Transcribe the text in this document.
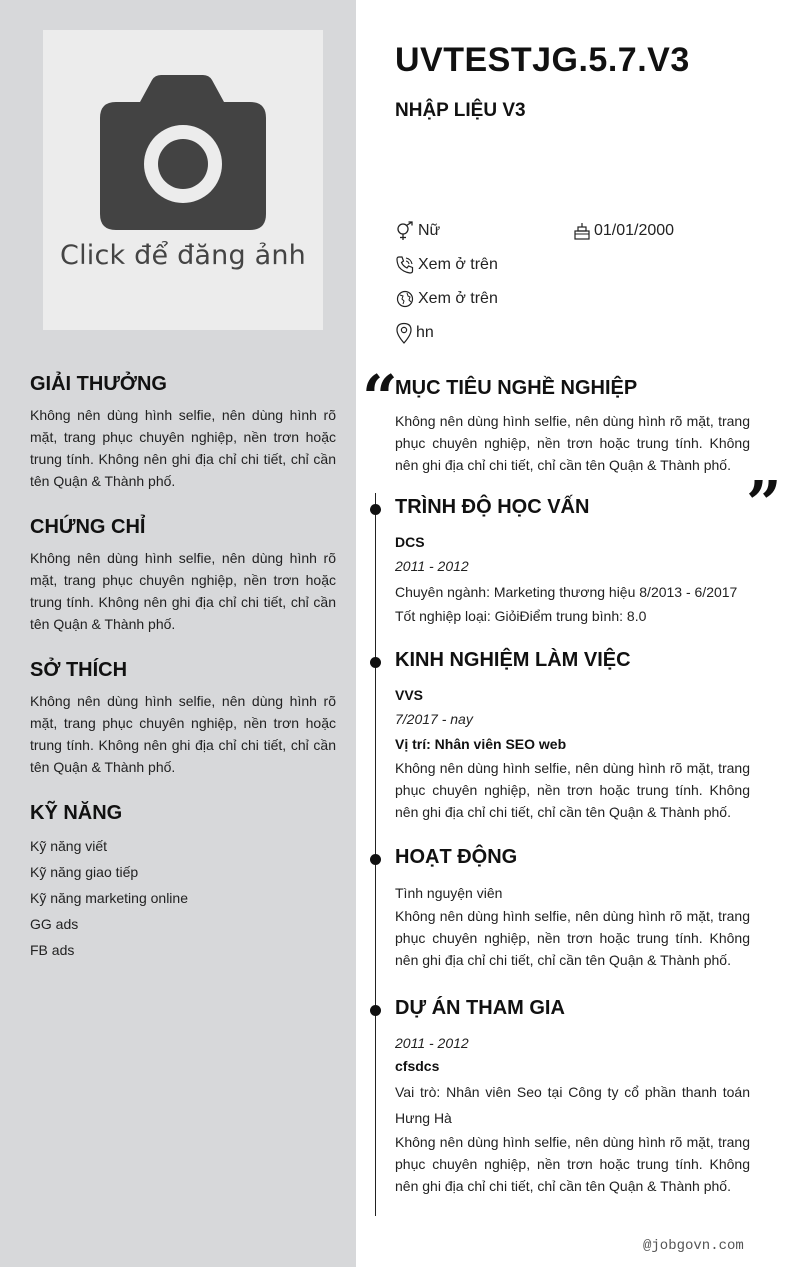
Click để đăng ảnh
GIẢI THƯỞNG

Không nên dùng hình selfie, nên dùng hình rõ mặt, trang phục chuyên nghiệp, nền trơn hoặc trung tính. Không nên ghi địa chỉ chi tiết, chỉ cần tên Quận & Thành phố.

CHỨNG CHỈ

Không nên dùng hình selfie, nên dùng hình rõ mặt, trang phục chuyên nghiệp, nền trơn hoặc trung tính. Không nên ghi địa chỉ chi tiết, chỉ cần tên Quận & Thành phố.

SỞ THÍCH

Không nên dùng hình selfie, nên dùng hình rõ mặt, trang phục chuyên nghiệp, nền trơn hoặc trung tính. Không nên ghi địa chỉ chi tiết, chỉ cần tên Quận & Thành phố.

KỸ NĂNG
Kỹ năng viết
Kỹ năng giao tiếp
Kỹ năng marketing online
GG ads
FB ads
UVTESTJG.5.7.V3
NHẬP LIỆU V3
Nữ	01/01/2000
Xem ở trên
Xem ở trên
hn
“
”
MỤC TIÊU NGHỀ NGHIỆP

Không nên dùng hình selfie, nên dùng hình rõ mặt, trang phục chuyên nghiệp, nền trơn hoặc trung tính. Không nên ghi địa chỉ chi tiết, chỉ cần tên Quận & Thành phố.

TRÌNH ĐỘ HỌC VẤN

DCS

2011 - 2012

Chuyên ngành: Marketing thương hiệu 8/2013 - 6/2017

Tốt nghiệp loại: GiỏiĐiểm trung bình: 8.0

KINH NGHIỆM LÀM VIỆC

VVS

7/2017 - nay

Vị trí: Nhân viên SEO web

Không nên dùng hình selfie, nên dùng hình rõ mặt, trang phục chuyên nghiệp, nền trơn hoặc trung tính. Không nên ghi địa chỉ chi tiết, chỉ cần tên Quận & Thành phố.

HOẠT ĐỘNG

Tình nguyện viên

Không nên dùng hình selfie, nên dùng hình rõ mặt, trang phục chuyên nghiệp, nền trơn hoặc trung tính. Không nên ghi địa chỉ chi tiết, chỉ cần tên Quận & Thành phố.

DỰ ÁN THAM GIA

2011 - 2012

cfsdcs

Vai trò: Nhân viên Seo tại Công ty cổ phần thanh toán Hưng Hà

Không nên dùng hình selfie, nên dùng hình rõ mặt, trang phục chuyên nghiệp, nền trơn hoặc trung tính. Không nên ghi địa chỉ chi tiết, chỉ cần tên Quận & Thành phố.

@jobgovn.com
